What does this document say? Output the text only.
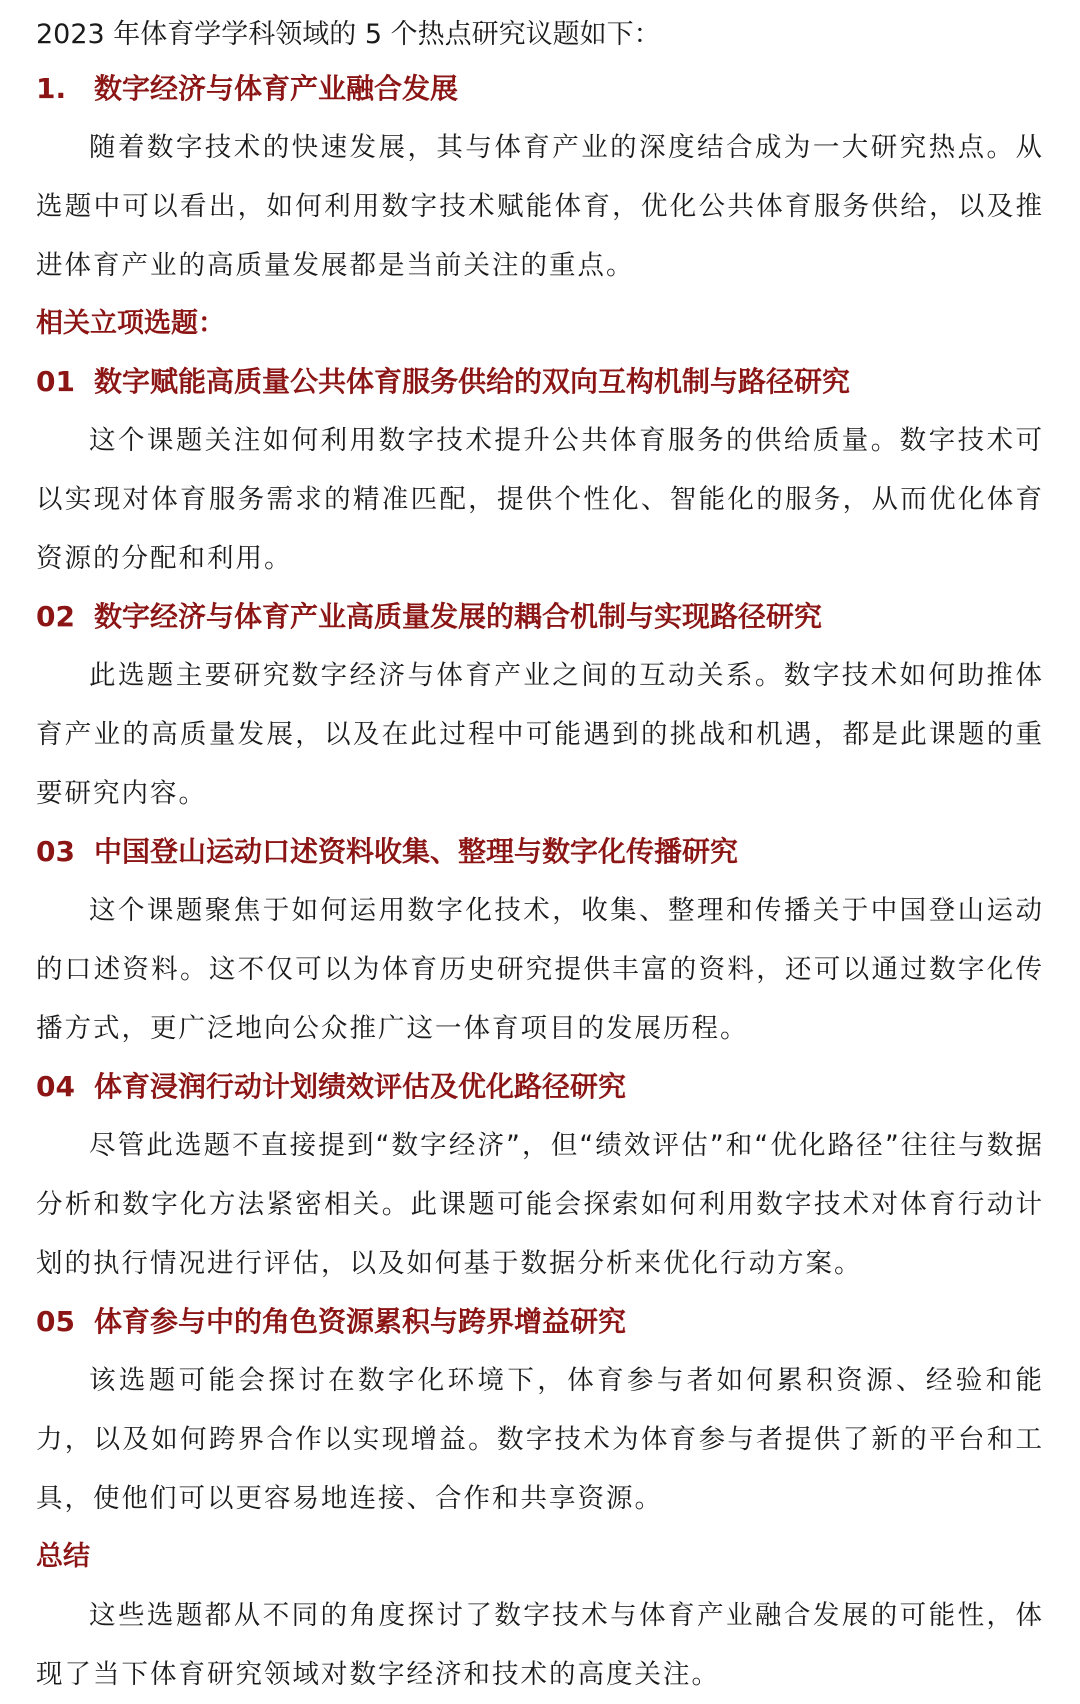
2023 年体育学学科领域的 5 个热点研究议题如下：

1. 数字经济与体育产业融合发展

随着数字技术的快速发展，其与体育产业的深度结合成为一大研究热点。从选题中可以看出，如何利用数字技术赋能体育，优化公共体育服务供给，以及推进体育产业的高质量发展都是当前关注的重点。

相关立项选题：
01 数字赋能高质量公共体育服务供给的双向互构机制与路径研究

这个课题关注如何利用数字技术提升公共体育服务的供给质量。数字技术可以实现对体育服务需求的精准匹配，提供个性化、智能化的服务，从而优化体育资源的分配和利用。

02 数字经济与体育产业高质量发展的耦合机制与实现路径研究

此选题主要研究数字经济与体育产业之间的互动关系。数字技术如何助推体育产业的高质量发展，以及在此过程中可能遇到的挑战和机遇，都是此课题的重要研究内容。

03 中国登山运动口述资料收集、整理与数字化传播研究

这个课题聚焦于如何运用数字化技术，收集、整理和传播关于中国登山运动的口述资料。这不仅可以为体育历史研究提供丰富的资料，还可以通过数字化传播方式，更广泛地向公众推广这一体育项目的发展历程。

04 体育浸润行动计划绩效评估及优化路径研究

尽管此选题不直接提到“数字经济”，但“绩效评估”和“优化路径”往往与数据分析和数字化方法紧密相关。此课题可能会探索如何利用数字技术对体育行动计划的执行情况进行评估，以及如何基于数据分析来优化行动方案。

05 体育参与中的角色资源累积与跨界增益研究

该选题可能会探讨在数字化环境下，体育参与者如何累积资源、经验和能力，以及如何跨界合作以实现增益。数字技术为体育参与者提供了新的平台和工具，使他们可以更容易地连接、合作和共享资源。

总结

这些选题都从不同的角度探讨了数字技术与体育产业融合发展的可能性，体现了当下体育研究领域对数字经济和技术的高度关注。
